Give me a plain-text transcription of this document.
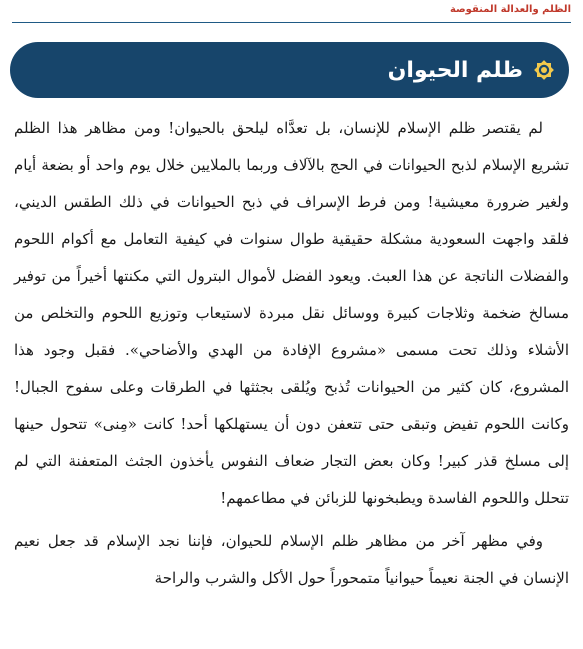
الظلم والعدالة المنقوصة
ظلم الحيوان

لم يقتصر ظلم الإسلام للإنسان، بل تعدَّاه ليلحق بالحيوان! ومن مظاهر هذا الظلم تشريع الإسلام لذبح الحيوانات في الحج بالآلاف وربما بالملايين خلال يوم واحد أو بضعة أيام ولغير ضرورة معيشية! ومن فرط الإسراف في ذبح الحيوانات في ذلك الطقس الديني، فلقد واجهت السعودية مشكلة حقيقية طوال سنوات في كيفية التعامل مع أكوام اللحوم والفضلات الناتجة عن هذا العبث. ويعود الفضل لأموال البترول التي مكنتها أخيراً من توفير مسالخ ضخمة وثلاجات كبيرة ووسائل نقل مبردة لاستيعاب وتوزيع اللحوم والتخلص من الأشلاء وذلك تحت مسمى «مشروع الإفادة من الهدي والأضاحي». فقبل وجود هذا المشروع، كان كثير من الحيوانات تُذبح ويُلقى بجثثها في الطرقات وعلى سفوح الجبال! وكانت اللحوم تفيض وتبقى حتى تتعفن دون أن يستهلكها أحد! كانت «مِنى» تتحول حينها إلى مسلخ قذر كبير! وكان بعض التجار ضعاف النفوس يأخذون الجثث المتعفنة التي لم تتحلل واللحوم الفاسدة ويطبخونها للزبائن في مطاعمهم!

وفي مظهر آخر من مظاهر ظلم الإسلام للحيوان، فإننا نجد الإسلام قد جعل نعيم الإنسان في الجنة نعيماً حيوانياً متمحوراً حول الأكل والشرب والراحة
